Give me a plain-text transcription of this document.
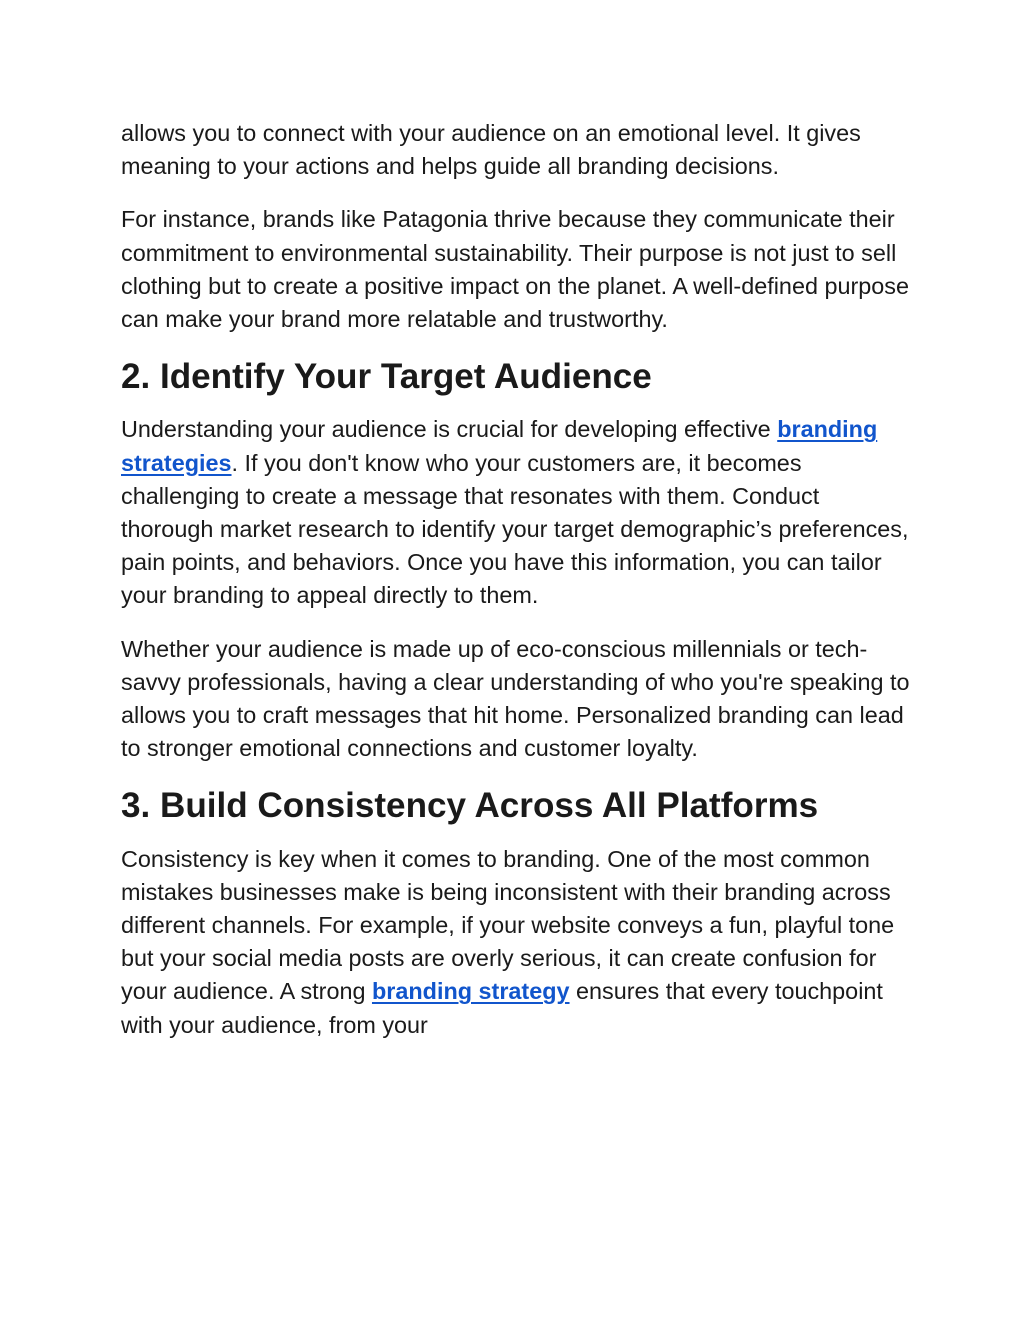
allows you to connect with your audience on an emotional level. It gives meaning to your actions and helps guide all branding decisions.

For instance, brands like Patagonia thrive because they communicate their commitment to environmental sustainability. Their purpose is not just to sell clothing but to create a positive impact on the planet. A well-defined purpose can make your brand more relatable and trustworthy.

2. Identify Your Target Audience

Understanding your audience is crucial for developing effective branding strategies. If you don't know who your customers are, it becomes challenging to create a message that resonates with them. Conduct thorough market research to identify your target demographic’s preferences, pain points, and behaviors. Once you have this information, you can tailor your branding to appeal directly to them.

Whether your audience is made up of eco-conscious millennials or tech-savvy professionals, having a clear understanding of who you're speaking to allows you to craft messages that hit home. Personalized branding can lead to stronger emotional connections and customer loyalty.

3. Build Consistency Across All Platforms

Consistency is key when it comes to branding. One of the most common mistakes businesses make is being inconsistent with their branding across different channels. For example, if your website conveys a fun, playful tone but your social media posts are overly serious, it can create confusion for your audience. A strong branding strategy ensures that every touchpoint with your audience, from your
